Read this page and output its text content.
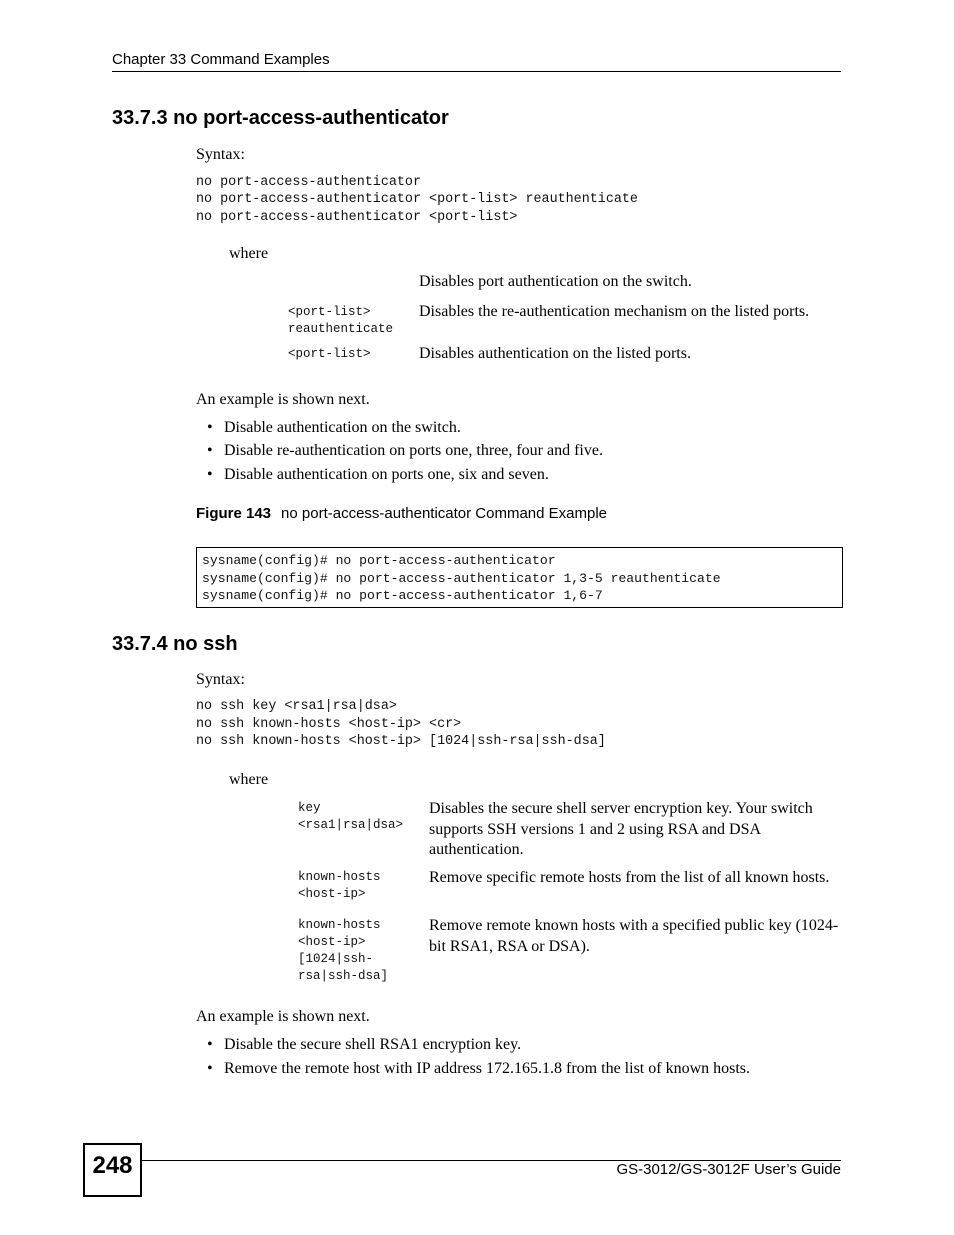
Chapter 33 Command Examples
33.7.3 no port-access-authenticator
Syntax:
no port-access-authenticator
no port-access-authenticator <port-list> reauthenticate
no port-access-authenticator <port-list>
where
<port-list>
reauthenticate
<port-list>
Disables port authentication on the switch.
Disables the re-authentication mechanism on the listed ports.
Disables authentication on the listed ports.
An example is shown next.
• Disable authentication on the switch.
• Disable re-authentication on ports one, three, four and five.
• Disable authentication on ports one, six and seven.
Figure 143 no port-access-authenticator Command Example
sysname(config)# no port-access-authenticator
sysname(config)# no port-access-authenticator 1,3-5 reauthenticate
sysname(config)# no port-access-authenticator 1,6-7
33.7.4 no ssh
Syntax:
no ssh key <rsa1|rsa|dsa>
no ssh known-hosts <host-ip> <cr>
no ssh known-hosts <host-ip> [1024|ssh-rsa|ssh-dsa]
where
key
<rsa1|rsa|dsa>
known-hosts
<host-ip>
known-hosts
<host-ip>
[1024|ssh-
rsa|ssh-dsa]
Disables the secure shell server encryption key. Your switch supports SSH versions 1 and 2 using RSA and DSA authentication.
Remove specific remote hosts from the list of all known hosts.
Remove remote known hosts with a specified public key (1024-bit RSA1, RSA or DSA).
An example is shown next.
• Disable the secure shell RSA1 encryption key.
• Remove the remote host with IP address 172.165.1.8 from the list of known hosts.
248	GS-3012/GS-3012F User’s Guide
